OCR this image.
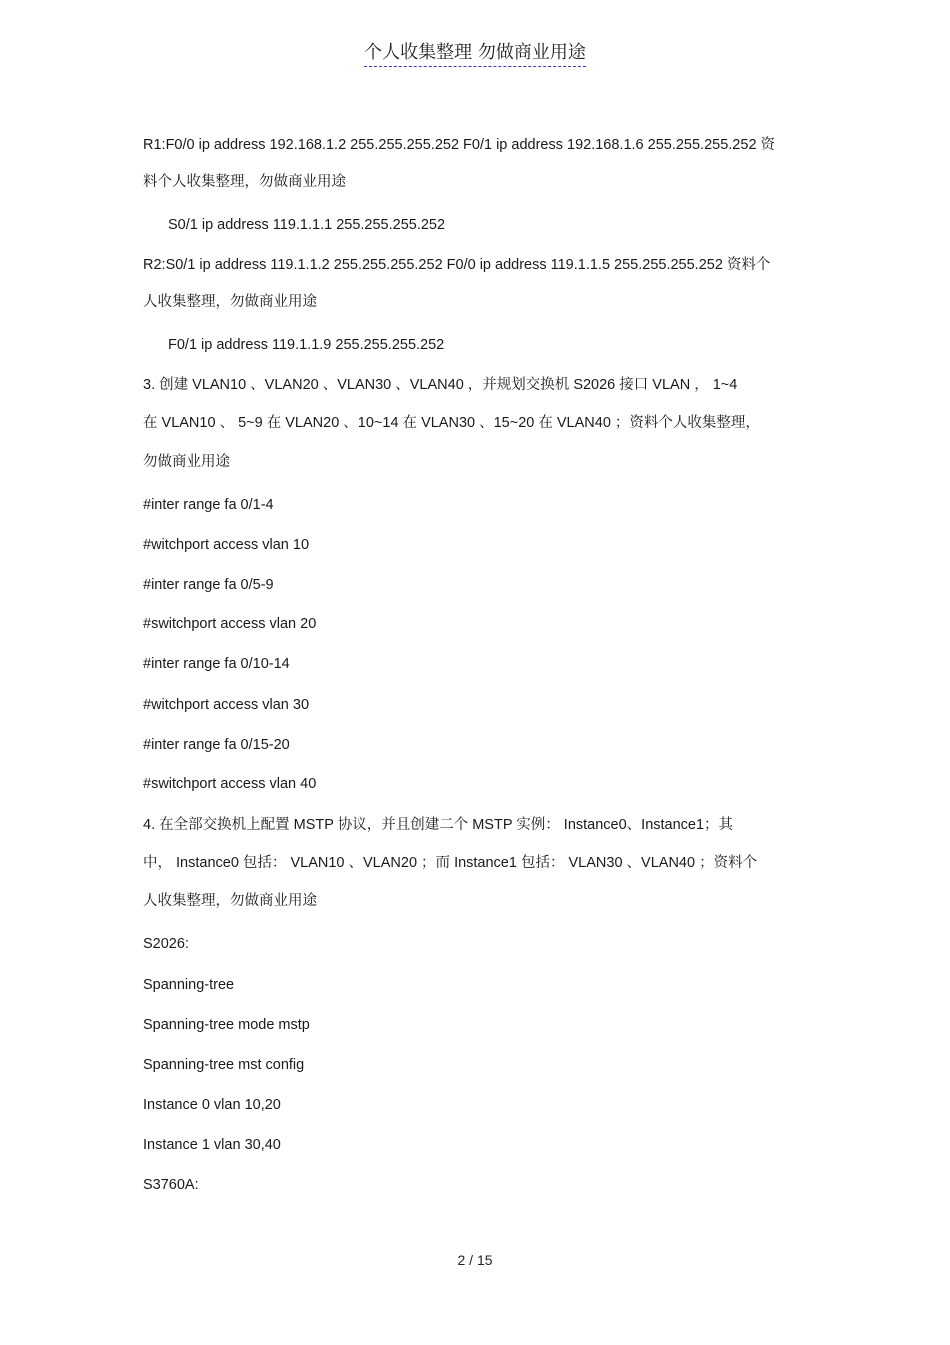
个人收集整理 勿做商业用途
R1:F0/0 ip address 192.168.1.2 255.255.255.252 F0/1 ip address 192.168.1.6 255.255.255.252 资
料个人收集整理，勿做商业用途
S0/1 ip address 119.1.1.1 255.255.255.252
R2:S0/1 ip address 119.1.1.2 255.255.255.252 F0/0 ip address 119.1.1.5 255.255.255.252 资料个
人收集整理，勿做商业用途
F0/1 ip address 119.1.1.9 255.255.255.252
3. 创建 VLAN10 、VLAN20 、VLAN30 、VLAN40 ，并规划交换机 S2026 接口 VLAN ， 1~4
在 VLAN10 、 5~9 在 VLAN20 、10~14 在 VLAN30 、15~20 在 VLAN40 ；资料个人收集整理，
勿做商业用途
#inter range fa 0/1-4
#witchport access vlan 10
#inter range fa 0/5-9
#switchport access vlan 20
#inter range fa 0/10-14
#witchport access vlan 30
#inter range fa 0/15-20
#switchport access vlan 40
4. 在全部交换机上配置 MSTP 协议，并且创建二个 MSTP 实例： Instance0、Instance1；其
中， Instance0 包括： VLAN10 、VLAN20 ；而 Instance1 包括： VLAN30 、VLAN40 ；资料个
人收集整理，勿做商业用途
S2026:
Spanning-tree
Spanning-tree mode mstp
Spanning-tree mst config
Instance 0 vlan 10,20
Instance 1 vlan 30,40
S3760A:
2 / 15
